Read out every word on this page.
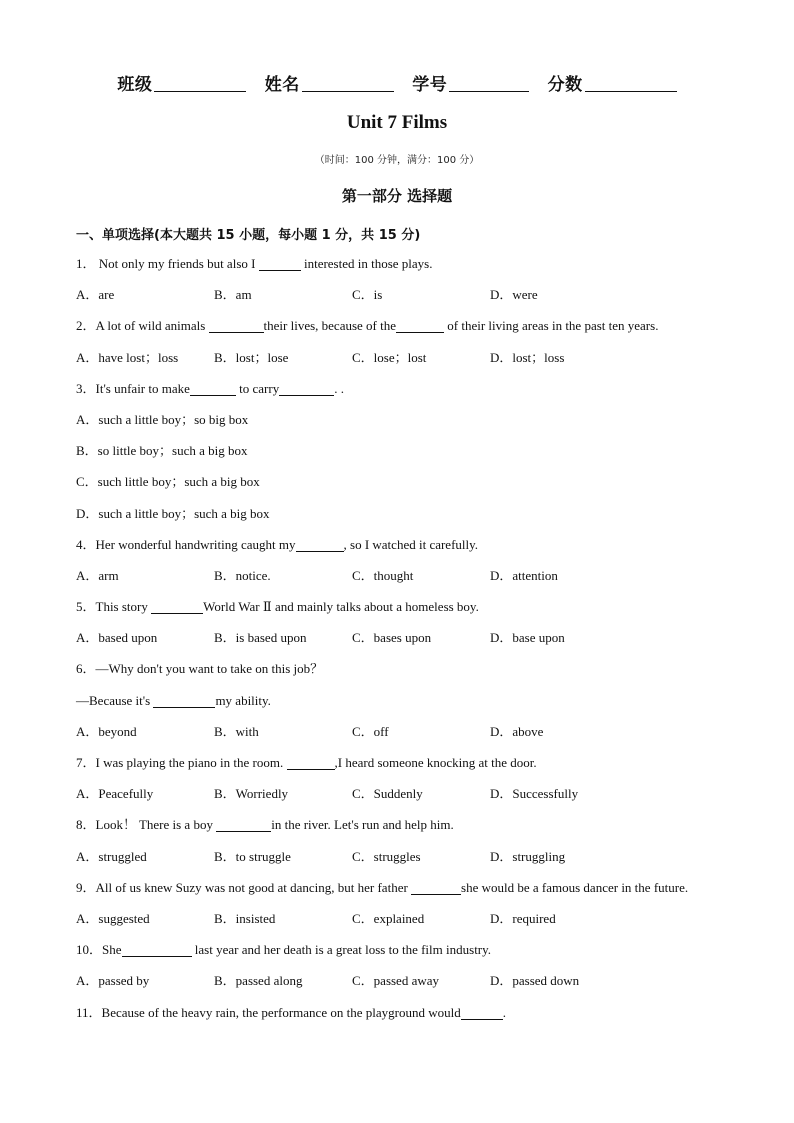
班级	姓名	学号	分数
Unit 7 Films
（时间：100 分钟，满分：100 分）
第一部分 选择题
一、单项选择(本大题共 15 小题，每小题 1 分，共 15 分)
1． Not only my friends but also I	interested in those plays.
A．are	B．am	C．is	D．were
2．A lot of wild animals	their lives, because of the	of their living areas in the past ten years.
A．have lost；loss	B．lost；lose	C．lose；lost	D．lost；loss
3．It's unfair to make	to carry	. .
A．such a little boy；so big box
B．so little boy；such a big box
C．such little boy；such a big box
D．such a little boy；such a big box
4．Her wonderful handwriting caught my	, so I watched it carefully.
A．arm	B．notice.	C．thought	D．attention
5．This story	World War Ⅱ and mainly talks about a homeless boy.
A．based upon	B．is based upon	C．bases upon	D．base upon
6．—Why don't you want to take on this job？
—Because it's	my ability.
A．beyond	B．with	C．off	D．above
7．I was playing the piano in the room.	,I heard someone knocking at the door.
A．Peacefully	B．Worriedly	C．Suddenly	D．Successfully
8．Look！ There is a boy	in the river. Let's run and help him.
A．struggled	B．to struggle	C．struggles	D．struggling
9．All of us knew Suzy was not good at dancing, but her father	she would be a famous dancer in the future.
A．suggested	B．insisted	C．explained	D．required
10．She	last year and her death is a great loss to the film industry.
A．passed by	B．passed along	C．passed away	D．passed down
11．Because of the heavy rain, the performance on the playground would	.
